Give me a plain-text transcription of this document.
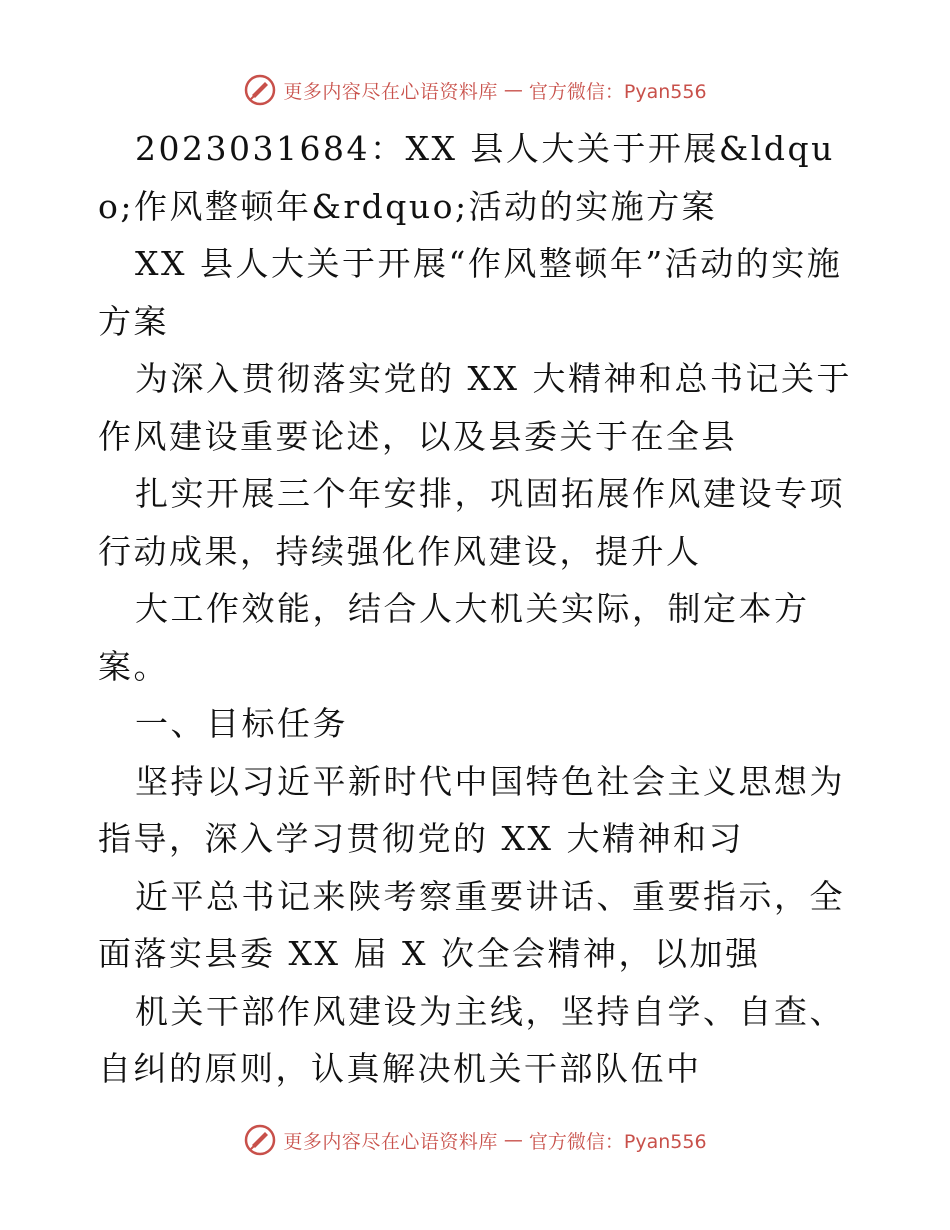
更多内容尽在心语资料库 — 官方微信：Pyan556

2023031684：XX 县人大关于开展&ldquo;作风整顿年&rdquo;活动的实施方案

XX 县人大关于开展“作风整顿年”活动的实施方案

为深入贯彻落实党的 XX 大精神和总书记关于作风建设重要论述，以及县委关于在全县

扎实开展三个年安排，巩固拓展作风建设专项行动成果，持续强化作风建设，提升人

大工作效能，结合人大机关实际，制定本方案。

一、目标任务

坚持以习近平新时代中国特色社会主义思想为指导，深入学习贯彻党的 XX 大精神和习

近平总书记来陕考察重要讲话、重要指示，全面落实县委 XX 届 X 次全会精神，以加强

机关干部作风建设为主线，坚持自学、自查、自纠的原则，认真解决机关干部队伍中

更多内容尽在心语资料库 — 官方微信：Pyan556
